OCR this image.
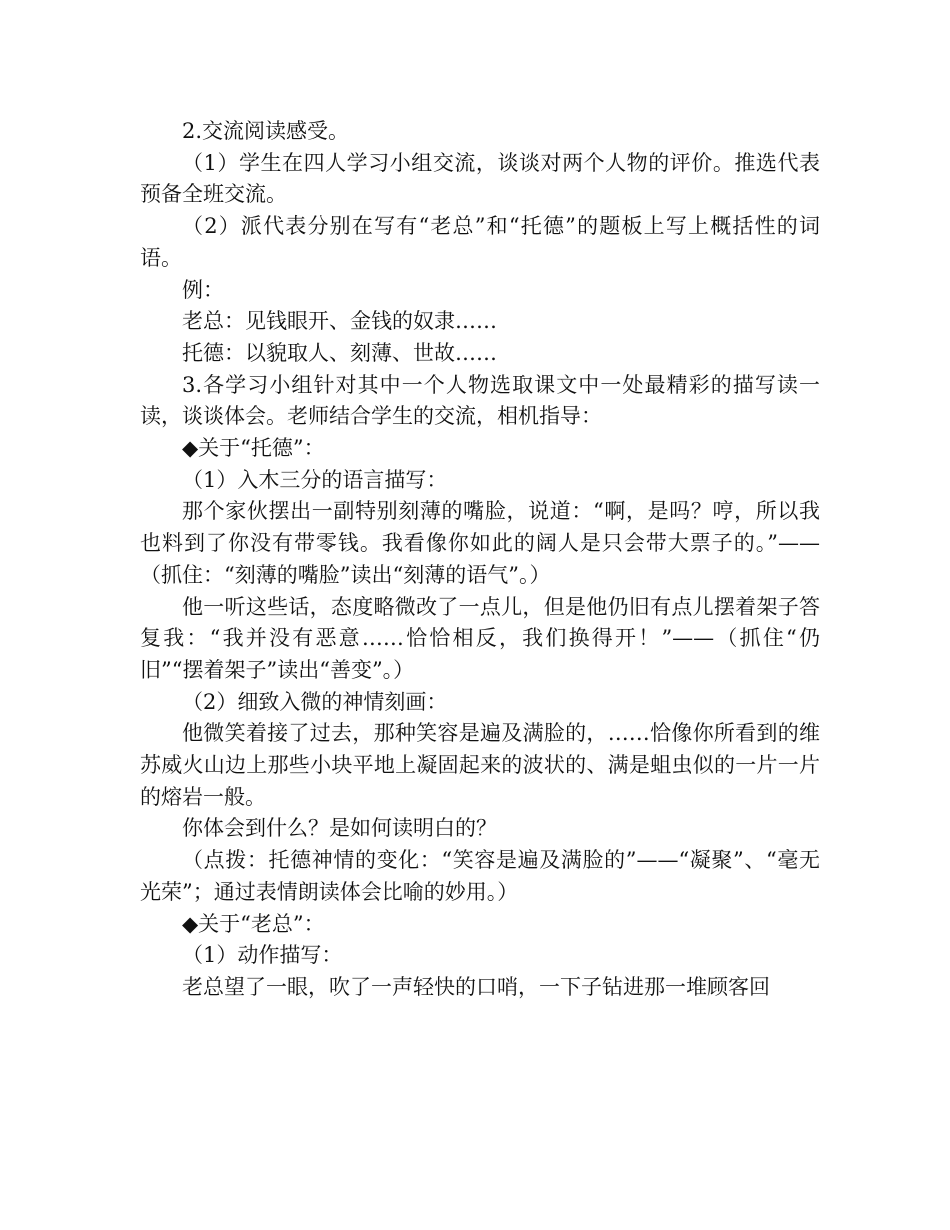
2.交流阅读感受。

（1）学生在四人学习小组交流，谈谈对两个人物的评价。推选代表预备全班交流。

（2）派代表分别在写有“老总”和“托德”的题板上写上概括性的词语。

例：

老总：见钱眼开、金钱的奴隶……

托德：以貌取人、刻薄、世故……

3.各学习小组针对其中一个人物选取课文中一处最精彩的描写读一读，谈谈体会。老师结合学生的交流，相机指导：

◆关于“托德”：

（1）入木三分的语言描写：

那个家伙摆出一副特别刻薄的嘴脸，说道：“啊，是吗？哼，所以我也料到了你没有带零钱。我看像你如此的阔人是只会带大票子的。”——（抓住：“刻薄的嘴脸”读出“刻薄的语气”。）

他一听这些话，态度略微改了一点儿，但是他仍旧有点儿摆着架子答复我：“我并没有恶意……恰恰相反，我们换得开！”——（抓住“仍旧”“摆着架子”读出“善变”。）

（2）细致入微的神情刻画：

他微笑着接了过去，那种笑容是遍及满脸的，……恰像你所看到的维苏威火山边上那些小块平地上凝固起来的波状的、满是蛆虫似的一片一片的熔岩一般。

你体会到什么？是如何读明白的？

（点拨：托德神情的变化：“笑容是遍及满脸的”——“凝聚”、“毫无光荣”；通过表情朗读体会比喻的妙用。）

◆关于“老总”：

（1）动作描写：

老总望了一眼，吹了一声轻快的口哨，一下子钻进那一堆顾客回
